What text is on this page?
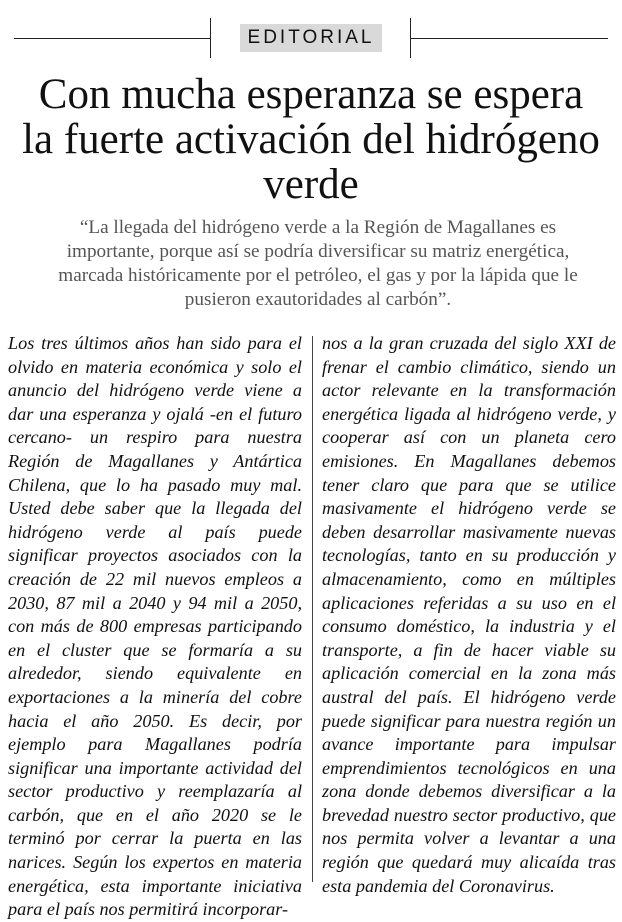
EDITORIAL
Con mucha esperanza se espera la fuerte activación del hidrógeno verde

“La llegada del hidrógeno verde a la Región de Magallanes es importante, porque así se podría diversificar su matriz energética, marcada históricamente por el petróleo, el gas y por la lápida que le pusieron exautoridades al carbón”.

Los tres últimos años han sido para el olvido en materia económica y solo el anuncio del hidrógeno verde viene a dar una esperanza y ojalá -en el futuro cercano- un respiro para nuestra Región de Magallanes y Antártica Chilena, que lo ha pasado muy mal. Usted debe saber que la llegada del hidrógeno verde al país puede significar proyectos asociados con la creación de 22 mil nuevos empleos a 2030, 87 mil a 2040 y 94 mil a 2050, con más de 800 empresas participando en el cluster que se formaría a su alrededor, siendo equivalente en exportaciones a la minería del cobre hacia el año 2050. Es decir, por ejemplo para Magallanes podría significar una importante actividad del sector productivo y reemplazaría al carbón, que en el año 2020 se le terminó por cerrar la puerta en las narices. Según los expertos en materia energética, esta importante iniciativa para el país nos permitirá incorporar-
nos a la gran cruzada del siglo XXI de frenar el cambio climático, siendo un actor relevante en la transformación energética ligada al hidrógeno verde, y cooperar así con un planeta cero emisiones. En Magallanes debemos tener claro que para que se utilice masivamente el hidrógeno verde se deben desarrollar masivamente nuevas tecnologías, tanto en su producción y almacenamiento, como en múltiples aplicaciones referidas a su uso en el consumo doméstico, la industria y el transporte, a fin de hacer viable su aplicación comercial en la zona más austral del país. El hidrógeno verde puede significar para nuestra región un avance importante para impulsar emprendimientos tecnológicos en una zona donde debemos diversificar a la brevedad nuestro sector productivo, que nos permita volver a levantar a una región que quedará muy alicaída tras esta pandemia del Coronavirus.
